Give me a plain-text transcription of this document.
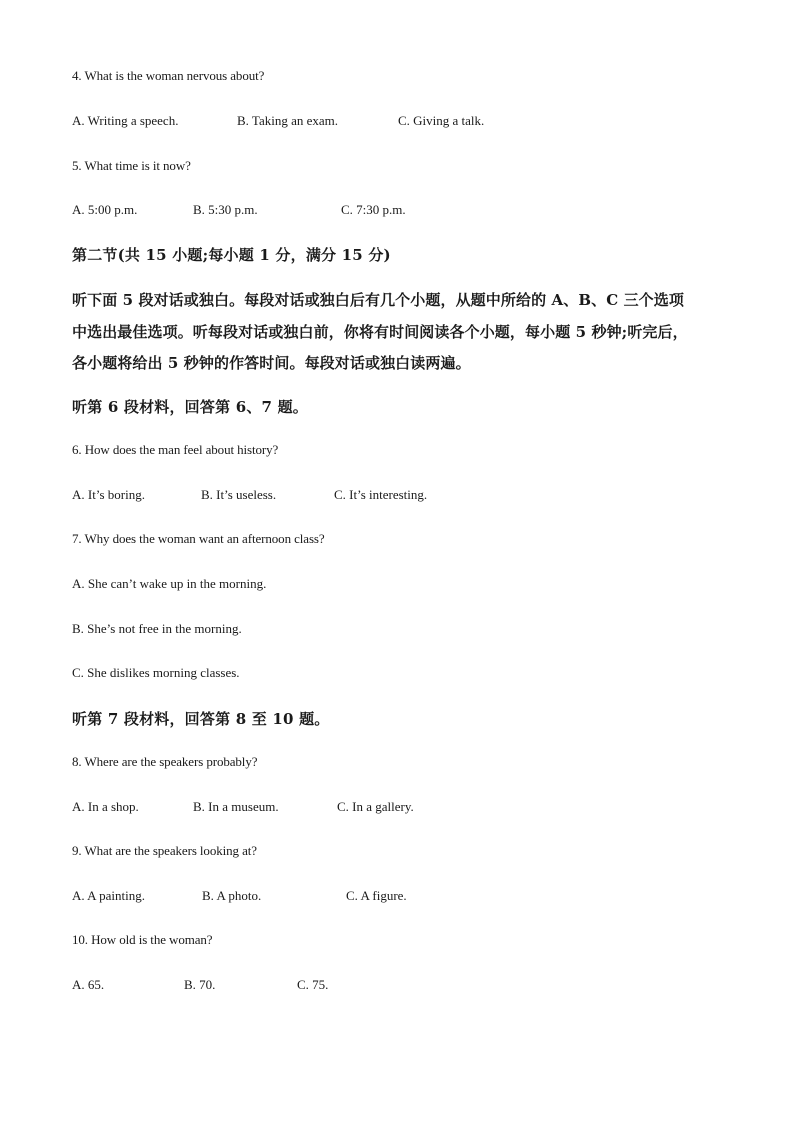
4. What is the woman nervous about?
A. Writing a speech.	B. Taking an exam.	C. Giving a talk.
5. What time is it now?
A. 5:00 p.m.	B. 5:30 p.m.	C. 7:30 p.m.
第二节(共 15 小题;每小题 1 分，满分 15 分)
听下面 5 段对话或独白。每段对话或独白后有几个小题，从题中所给的 A、B、C 三个选项
中选出最佳选项。听每段对话或独白前，你将有时间阅读各个小题，每小题 5 秒钟;听完后，
各小题将给出 5 秒钟的作答时间。每段对话或独白读两遍。
听第 6 段材料，回答第 6、7 题。
6. How does the man feel about history?
A. It’s boring.	B. It’s useless.	C. It’s interesting.
7. Why does the woman want an afternoon class?
A. She can’t wake up in the morning.
B. She’s not free in the morning.
C. She dislikes morning classes.
听第 7 段材料，回答第 8 至 10 题。
8. Where are the speakers probably?
A. In a shop.	B. In a museum.	C. In a gallery.
9. What are the speakers looking at?
A. A painting.	B. A photo.	C. A figure.
10. How old is the woman?
A. 65.	B. 70.	C. 75.
